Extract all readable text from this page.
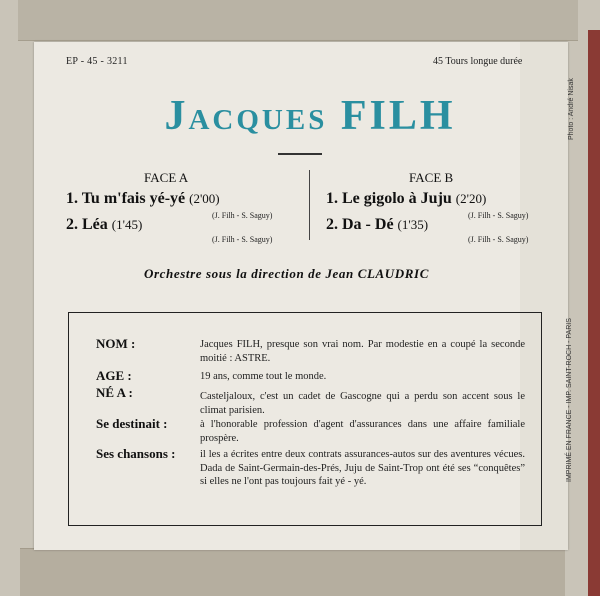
EP - 45 - 3211	45 Tours longue durée
Jacques FILH
FACE A
1. Tu m'fais yé-yé (2'00)
(J. Filh - S. Saguy)
2. Léa (1'45)
(J. Filh - S. Saguy)
FACE B
1. Le gigolo à Juju (2'20)
(J. Filh - S. Saguy)
2. Da - Dé (1'35)
(J. Filh - S. Saguy)
Orchestre sous la direction de Jean CLAUDRIC
NOM :	Jacques FILH, presque son vrai nom. Par modestie en a coupé la seconde moitié : ASTRE.
AGE :	19 ans, comme tout le monde.
NÉ A :	Casteljaloux, c'est un cadet de Gascogne qui a perdu son accent sous le climat parisien.
Se destinait :	à l'honorable profession d'agent d'assurances dans une affaire familiale prospère.
Ses chansons : il les a écrites entre deux contrats assurances-autos sur des aventures vécues. Dada de Saint-Germain-des-Prés, Juju de Saint-Trop ont été ses “conquêtes” si elles ne l'ont pas toujours fait yé - yé.
Photo : André Nisak
IMPRIMÉ EN FRANCE - IMP. SAINT-ROCH - PARIS
